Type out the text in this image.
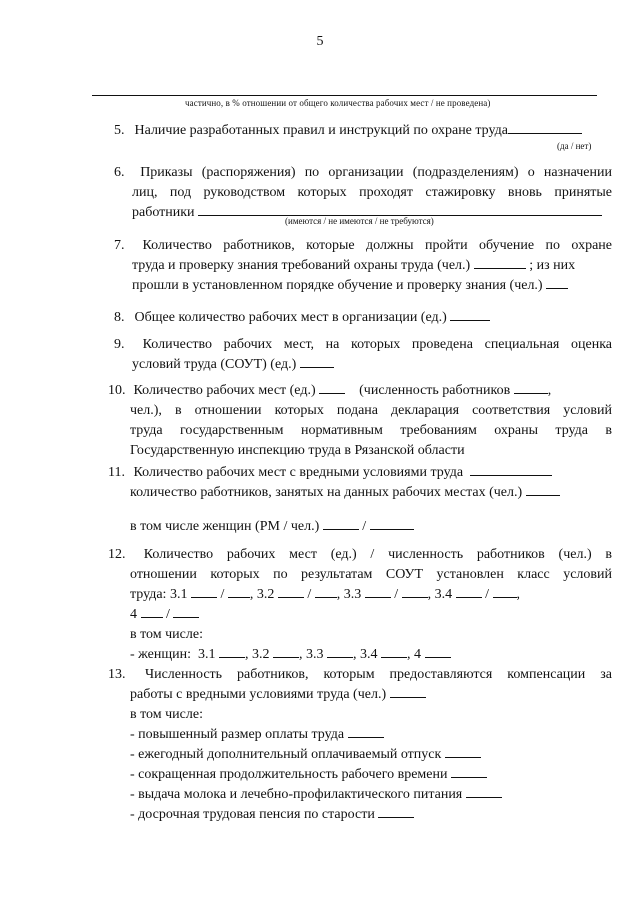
5
частично, в % отношении от общего количества рабочих мест / не проведена)
5. Наличие разработанных правил и инструкций по охране труда
(да / нет)
6. Приказы (распоряжения) по организации (подразделениям) о назначении
лиц, под руководством которых проходят стажировку вновь принятые
работники
(имеются / не имеются / не требуются)
7. Количество работников, которые должны пройти обучение по охране
труда и проверку знания требований охраны труда (чел.)	; из них
прошли в установленном порядке обучение и проверку знания (чел.)
8. Общее количество рабочих мест в организации (ед.)
9. Количество рабочих мест, на которых проведена специальная оценка
условий труда (СОУТ) (ед.)
10. Количество рабочих мест (ед.)	(численность работников	,
чел.), в отношении которых подана декларация соответствия условий
труда государственным нормативным требованиям охраны труда в
Государственную инспекцию труда в Рязанской области
11. Количество рабочих мест с вредными условиями труда
количество работников, занятых на данных рабочих местах (чел.)
в том числе женщин (РМ / чел.)	/
12. Количество рабочих мест (ед.) / численность работников (чел.) в
отношении которых по результатам СОУТ установлен класс условий
труда: 3.1 / , 3.2 / , 3.3 / , 3.4 / ,
4 /
в том числе:
- женщин: 3.1 , 3.2 , 3.3 , 3.4 , 4
13. Численность работников, которым предоставляются компенсации за
работы с вредными условиями труда (чел.)
в том числе:
- повышенный размер оплаты труда
- ежегодный дополнительный оплачиваемый отпуск
- сокращенная продолжительность рабочего времени
- выдача молока и лечебно-профилактического питания
- досрочная трудовая пенсия по старости
